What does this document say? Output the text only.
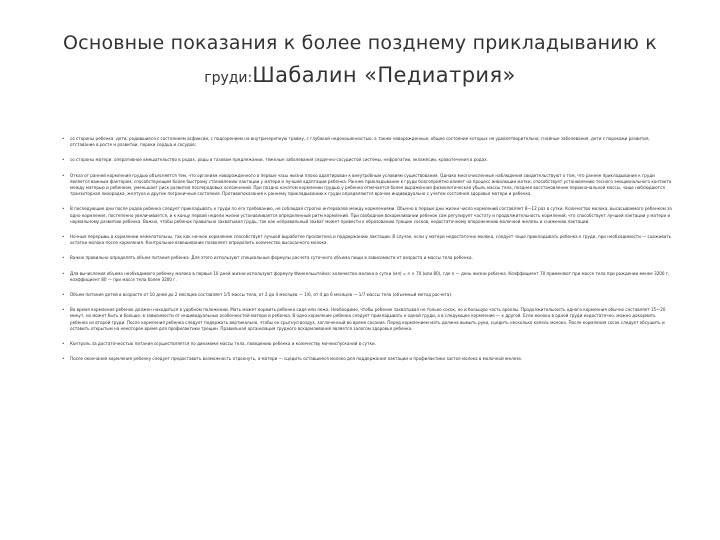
Основные показания к более позднему прикладыванию к
груди:Шабалин «Педиатрия»
• со стороны ребенка: дети, родившиеся с состоянием асфиксии, с подозрением на внутричерепную травму, с глубокой недоношенностью, а также новорожденные, общее состояние которых не удовлетворительно; гнойные заболевания, дети с пороками развития, отставание в росте и развитии, пороки сердца и сосудов;
• со стороны матери: оперативное вмешательство в родах, роды в тазовом предлежании, тяжелые заболевания сердечно-сосудистой системы, нефропатии, эклампсии, кровотечения в родах.
• Отказ от ранней кормления грудью объясняется тем, что организм новорожденного в первые часы жизни плохо адаптирован к внеутробным условиям существования. Однако многочисленные наблюдения свидетельствуют о том, что раннее прикладывание к груди является важным фактором, способствующим более быстрому становлению лактации у матери и лучшей адаптации ребенка. Раннее прикладывание к груди благоприятно влияет на процесс инволюции матки, способствует установлению тесного эмоционального контакта между матерью и ребенком, уменьшает риск развития послеродовых осложнений. При поздно начатом кормлении грудью у ребенка отмечается более выраженная физиологическая убыль массы тела, позднее восстановление первоначальной массы, чаще наблюдаются транзиторная лихорадка, желтуха и другие пограничные состояния. Противопоказания к раннему прикладыванию к груди определяются врачом индивидуально с учетом состояния здоровья матери и ребенка.
• В последующие дни после родов ребенка следует прикладывать к груди по его требованию, не соблюдая строгих интервалов между кормлениями. Обычно в первые дни жизни число кормлений составляет 8—12 раз в сутки. Количество молока, высасываемого ребенком за одно кормление, постепенно увеличивается, и к концу первой недели жизни устанавливается определенный ритм кормлений. При свободном вскармливании ребенок сам регулирует частоту и продолжительность кормлений, что способствует лучшей лактации у матери и нормальному развитию ребенка. Важно, чтобы ребенок правильно захватывал грудь, так как неправильный захват может привести к образованию трещин сосков, недостаточному опорожнению молочной железы и снижению лактации.
• Ночные перерывы в кормлении нежелательны, так как ночное кормление способствует лучшей выработке пролактина и поддержанию лактации. В случае, если у матери недостаточно молока, следует чаще прикладывать ребенка к груди, при необходимости — сцеживать остатки молока после кормления. Контрольное взвешивание позволяет определить количество высосанного молока.
• Важно правильно определять объем питания ребенка. Для этого используют специальные формулы расчета суточного объема пищи в зависимости от возраста и массы тела ребенка.
• Для вычисления объема необходимого ребенку молока в первые 10 дней жизни используют формулу Финкельштейна: количество молока в сутки (мл) = n × 70 (или 80), где n — день жизни ребенка. Коэффициент 70 применяют при массе тела при рождении менее 3200 г, коэффициент 80 — при массе тела более 3200 г.
• Объем питания детей в возрасте от 10 дней до 2 месяцев составляет 1/5 массы тела, от 2 до 4 месяцев — 1/6, от 4 до 6 месяцев — 1/7 массы тела (объемный метод расчета).
• Во время кормления ребенок должен находиться в удобном положении. Мать может кормить ребенка сидя или лежа. Необходимо, чтобы ребенок захватывал не только сосок, но и большую часть ареолы. Продолжительность одного кормления обычно составляет 15—20 минут, но может быть и больше, в зависимости от индивидуальных особенностей матери и ребенка. В одно кормление ребенка следует прикладывать к одной груди, а в следующее кормление — к другой. Если молока в одной груди недостаточно, можно докормить ребенка из второй груди. После кормления ребенка следует подержать вертикально, чтобы он срыгнул воздух, заглоченный во время сосания. Перед кормлением мать должна вымыть руки, сцедить несколько капель молока. После кормления сосок следует обсушить и оставить открытым на некоторое время для профилактики трещин. Правильная организация грудного вскармливания является залогом здоровья ребенка.
• Контроль за достаточностью питания осуществляется по динамике массы тела, поведению ребенка и количеству мочеиспусканий в сутки.
• После окончания кормления ребенку следует предоставить возможность отдохнуть, а матери — сцедить оставшееся молоко для поддержания лактации и профилактики застоя молока в молочной железе.
